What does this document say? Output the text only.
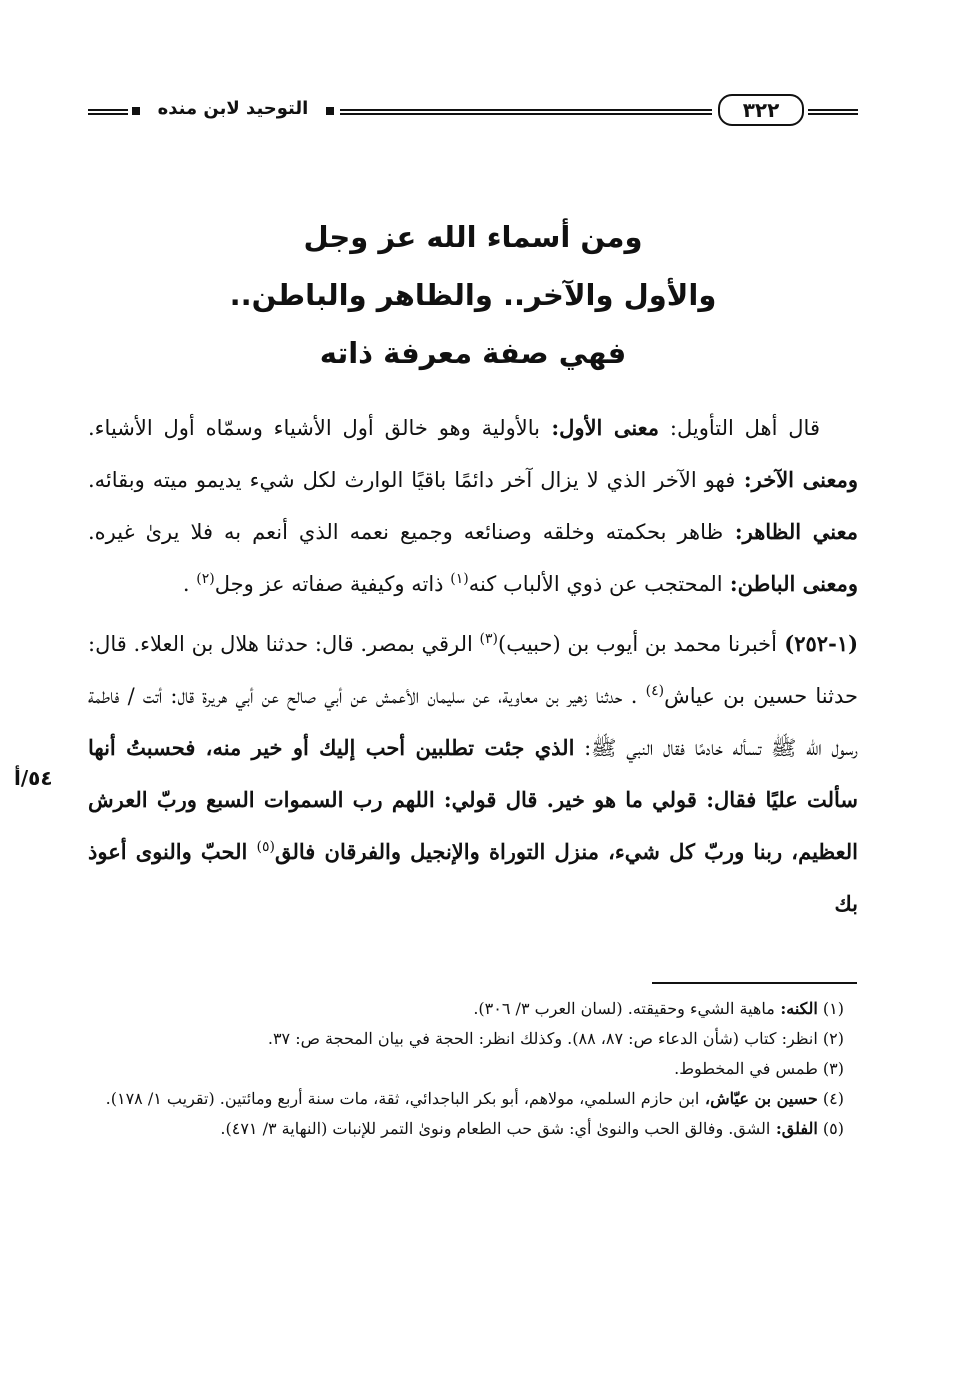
التوحيد لابن منده	٣٢٢
ومن أسماء الله عز وجل
والأول والآخر.. والظاهر والباطن..
فهي صفة معرفة ذاته

قال أهل التأويل: معنى الأول: بالأولية وهو خالق أول الأشياء وسمّاه أول الأشياء. ومعنى الآخر: فهو الآخر الذي لا يزال آخر دائمًا باقيًا الوارث لكل شيء يديمو ميته وبقائه. معني الظاهر: ظاهر بحكمته وخلقه وصنائعه وجميع نعمه الذي أنعم به فلا يرىٰ غيره. ومعنى الباطن: المحتجب عن ذوي الألباب كنه$^{(١)}$ ذاته وكيفية صفاته عز وجل$^{(٢)}$ .

(١-٢٥٢) أخبرنا محمد بن أيوب بن (حبيب)$^{(٣)}$ الرقي بمصر. قال: حدثنا هلال بن العلاء. قال: حدثنا حسين بن عياش$^{(٤)}$ . حدثنا زهير بن معاوية، عن سليمان الأعمش عن أبي صالح عن أبي هريرة قال: أتت / فاطمة رسول الله ﷺ تسأله خادمًا فقال النبي ﷺ: الذي جئت تطلبين أحب إليك أو خير منه، فحسبتُ أنها سألت عليًا فقال: قولي ما هو خير. قال قولي: اللهم رب السموات السبع وربّ العرش العظيم، ربنا وربّ كل شيء، منزل التوراة والإنجيل والفرقان فالق$^{(٥)}$ الحبّ والنوى أعوذ بك

٥٤/أ
(١) الكنه: ماهية الشيء وحقيقته. (لسان العرب ٣/ ٣٠٦).
(٢) انظر: كتاب (شأن الدعاء ص: ٨٧، ٨٨). وكذلك انظر: الحجة في بيان المحجة ص: ٣٧.
(٣) طمس في المخطوط.
(٤) حسين بن عيّاش، ابن حازم السلمي، مولاهم، أبو بكر الباجدائي، ثقة، مات سنة أربع ومائتين. (تقريب ١/ ١٧٨).
(٥) الفلق: الشق. وفالق الحب والنوىٰ أي: شق حب الطعام ونوىٰ التمر للإنبات (النهاية ٣/ ٤٧١).
